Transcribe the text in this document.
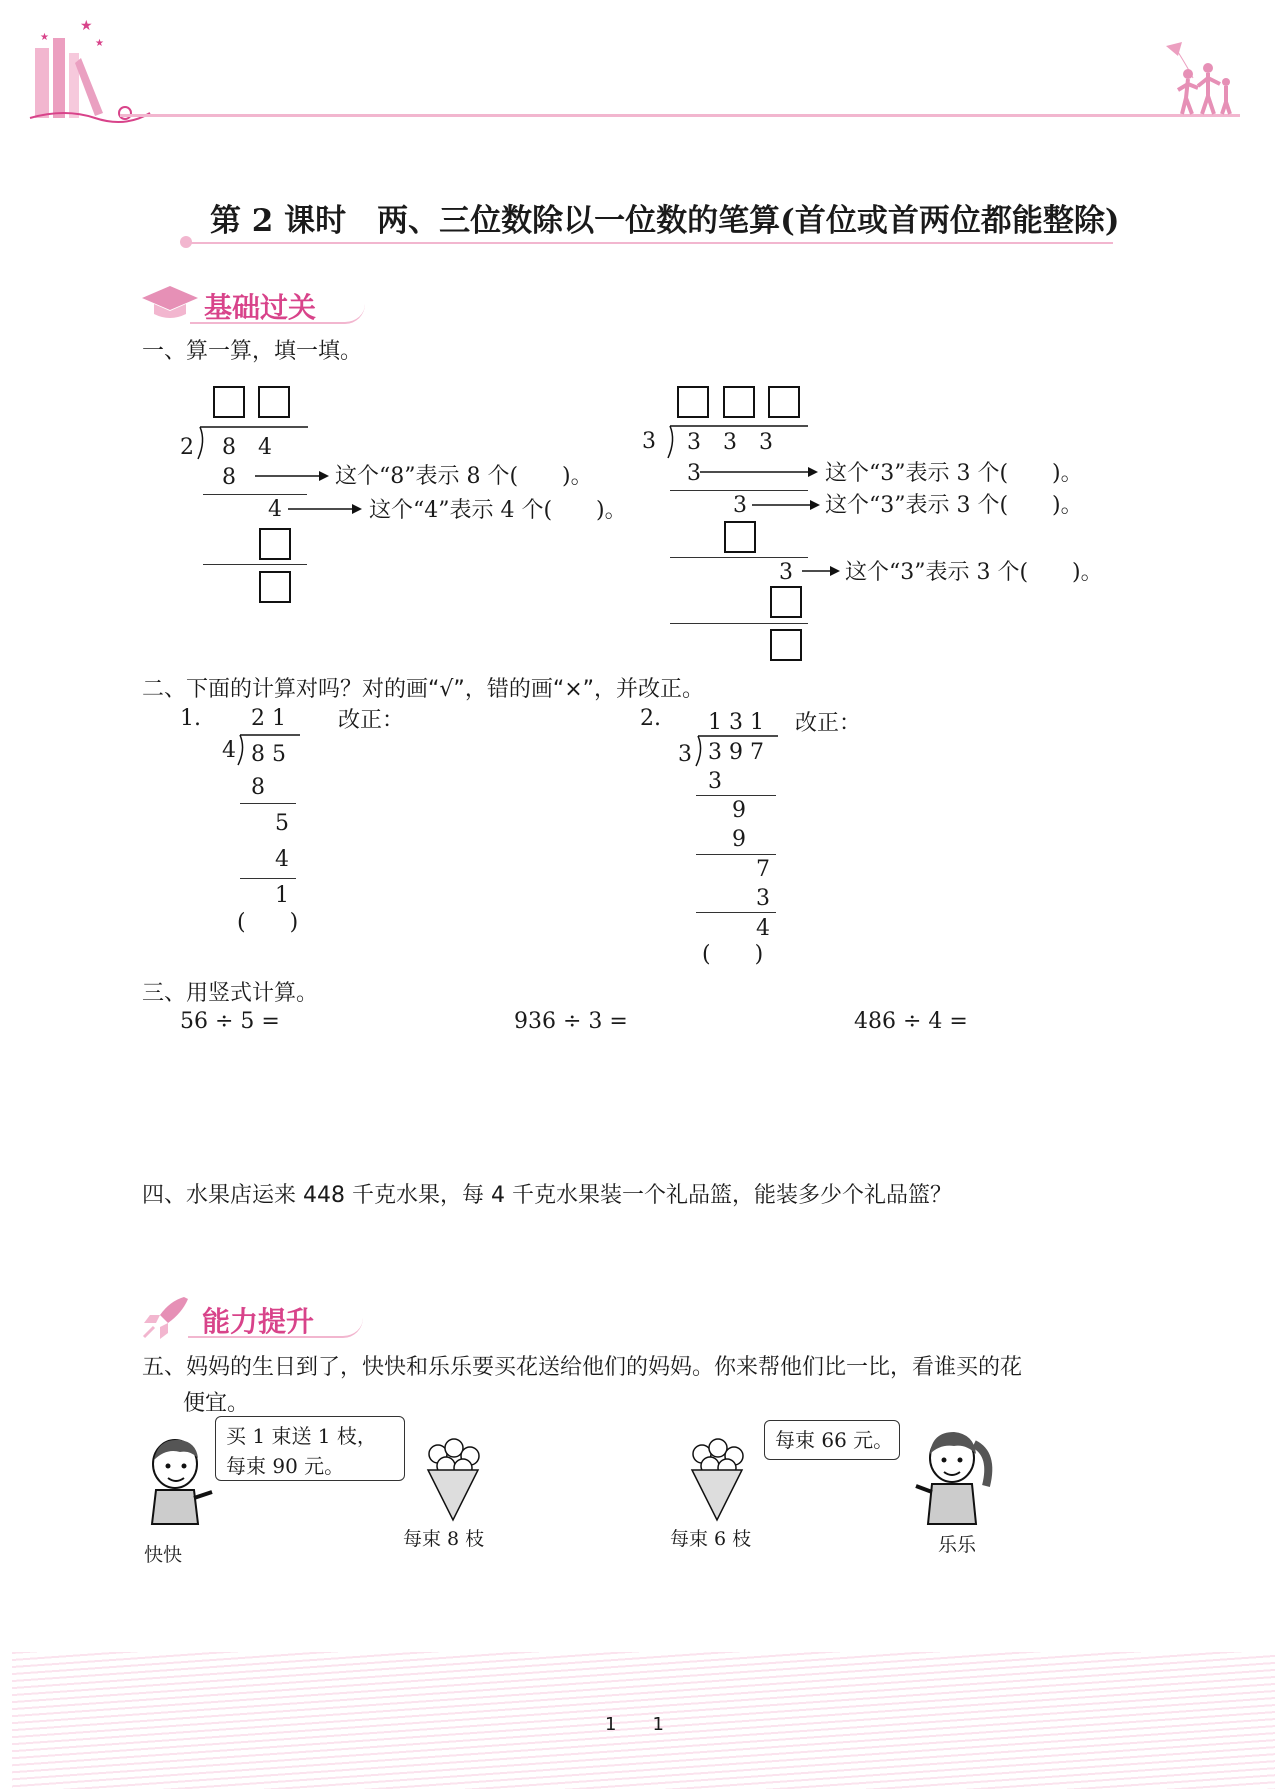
★
★
★
第 2 课时　两、三位数除以一位数的笔算(首位或首两位都能整除)
基础过关
一、算一算，填一填。
2 8　4
8
4
这个“8”表示 8 个(　　)。
这个“4”表示 4 个(　　)。
3 3　3　3
3
3
3
这个“3”表示 3 个(　　)。
这个“3”表示 3 个(　　)。
这个“3”表示 3 个(　　)。
二、下面的计算对吗？对的画“√”，错的画“×”，并改正。
1. 2 1
4 8 5
8
5
4
1
(　　)
改正：	2. 1 3 1
3 3 9 7
3
9
9
7
3
4
(　　)
改正：
三、用竖式计算。
56 ÷ 5 =	936 ÷ 3 =	486 ÷ 4 =
四、水果店运来 448 千克水果，每 4 千克水果装一个礼品篮，能装多少个礼品篮？
能力提升
五、妈妈的生日到了，快快和乐乐要买花送给他们的妈妈。你来帮他们比一比，看谁买的花
便宜。
买 1 束送 1 枝，
每束 90 元。
快快
每束 8 枝	每束 6 枝
每束 66 元。
乐乐
1　　1
